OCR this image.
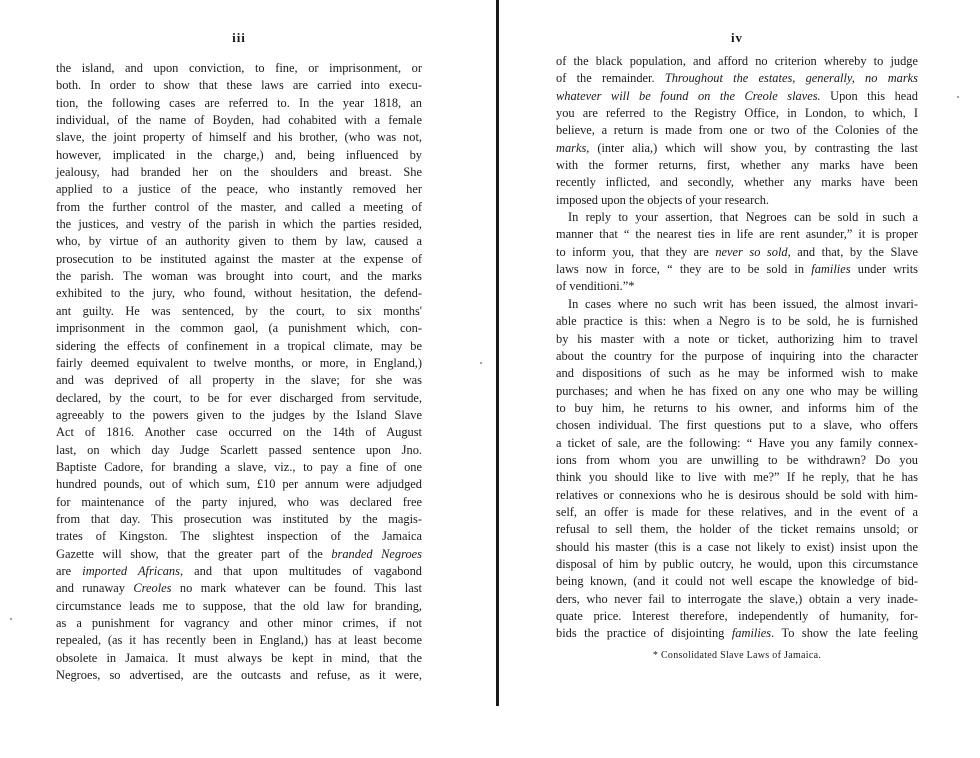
iii
the island, and upon conviction, to fine, or imprisonment, or
both. In order to show that these laws are carried into execu-
tion, the following cases are referred to. In the year 1818, an
individual, of the name of Boyden, had cohabited with a female
slave, the joint property of himself and his brother, (who was not,
however, implicated in the charge,) and, being influenced by
jealousy, had branded her on the shoulders and breast. She
applied to a justice of the peace, who instantly removed her
from the further control of the master, and called a meeting of
the justices, and vestry of the parish in which the parties resided,
who, by virtue of an authority given to them by law, caused a
prosecution to be instituted against the master at the expense of
the parish. The woman was brought into court, and the marks
exhibited to the jury, who found, without hesitation, the defend-
ant guilty. He was sentenced, by the court, to six months'
imprisonment in the common gaol, (a punishment which, con-
sidering the effects of confinement in a tropical climate, may be
fairly deemed equivalent to twelve months, or more, in England,)
and was deprived of all property in the slave; for she was
declared, by the court, to be for ever discharged from servitude,
agreeably to the powers given to the judges by the Island Slave
Act of 1816. Another case occurred on the 14th of August
last, on which day Judge Scarlett passed sentence upon Jno.
Baptiste Cadore, for branding a slave, viz., to pay a fine of one
hundred pounds, out of which sum, £10 per annum were adjudged
for maintenance of the party injured, who was declared free
from that day. This prosecution was instituted by the magis-
trates of Kingston. The slightest inspection of the Jamaica
Gazette will show, that the greater part of the branded Negroes
are imported Africans, and that upon multitudes of vagabond
and runaway Creoles no mark whatever can be found. This last
circumstance leads me to suppose, that the old law for branding,
as a punishment for vagrancy and other minor crimes, if not
repealed, (as it has recently been in England,) has at least become
obsolete in Jamaica. It must always be kept in mind, that the
Negroes, so advertised, are the outcasts and refuse, as it were,
iv
of the black population, and afford no criterion whereby to judge
of the remainder. Throughout the estates, generally, no marks
whatever will be found on the Creole slaves. Upon this head
you are referred to the Registry Office, in London, to which, I
believe, a return is made from one or two of the Colonies of the
marks, (inter alia,) which will show you, by contrasting the last
with the former returns, first, whether any marks have been
recently inflicted, and secondly, whether any marks have been
imposed upon the objects of your research.
In reply to your assertion, that Negroes can be sold in such a
manner that “ the nearest ties in life are rent asunder,” it is proper
to inform you, that they are never so sold, and that, by the Slave
laws now in force, “ they are to be sold in families under writs
of venditioni.”*
In cases where no such writ has been issued, the almost invari-
able practice is this: when a Negro is to be sold, he is furnished
by his master with a note or ticket, authorizing him to travel
about the country for the purpose of inquiring into the character
and dispositions of such as he may be informed wish to make
purchases; and when he has fixed on any one who may be willing
to buy him, he returns to his owner, and informs him of the
chosen individual. The first questions put to a slave, who offers
a ticket of sale, are the following: “ Have you any family connex-
ions from whom you are unwilling to be withdrawn? Do you
think you should like to live with me?” If he reply, that he has
relatives or connexions who he is desirous should be sold with him-
self, an offer is made for these relatives, and in the event of a
refusal to sell them, the holder of the ticket remains unsold; or
should his master (this is a case not likely to exist) insist upon the
disposal of him by public outcry, he would, upon this circumstance
being known, (and it could not well escape the knowledge of bid-
ders, who never fail to interrogate the slave,) obtain a very inade-
quate price. Interest therefore, independently of humanity, for-
bids the practice of disjointing families. To show the late feeling
* Consolidated Slave Laws of Jamaica.
